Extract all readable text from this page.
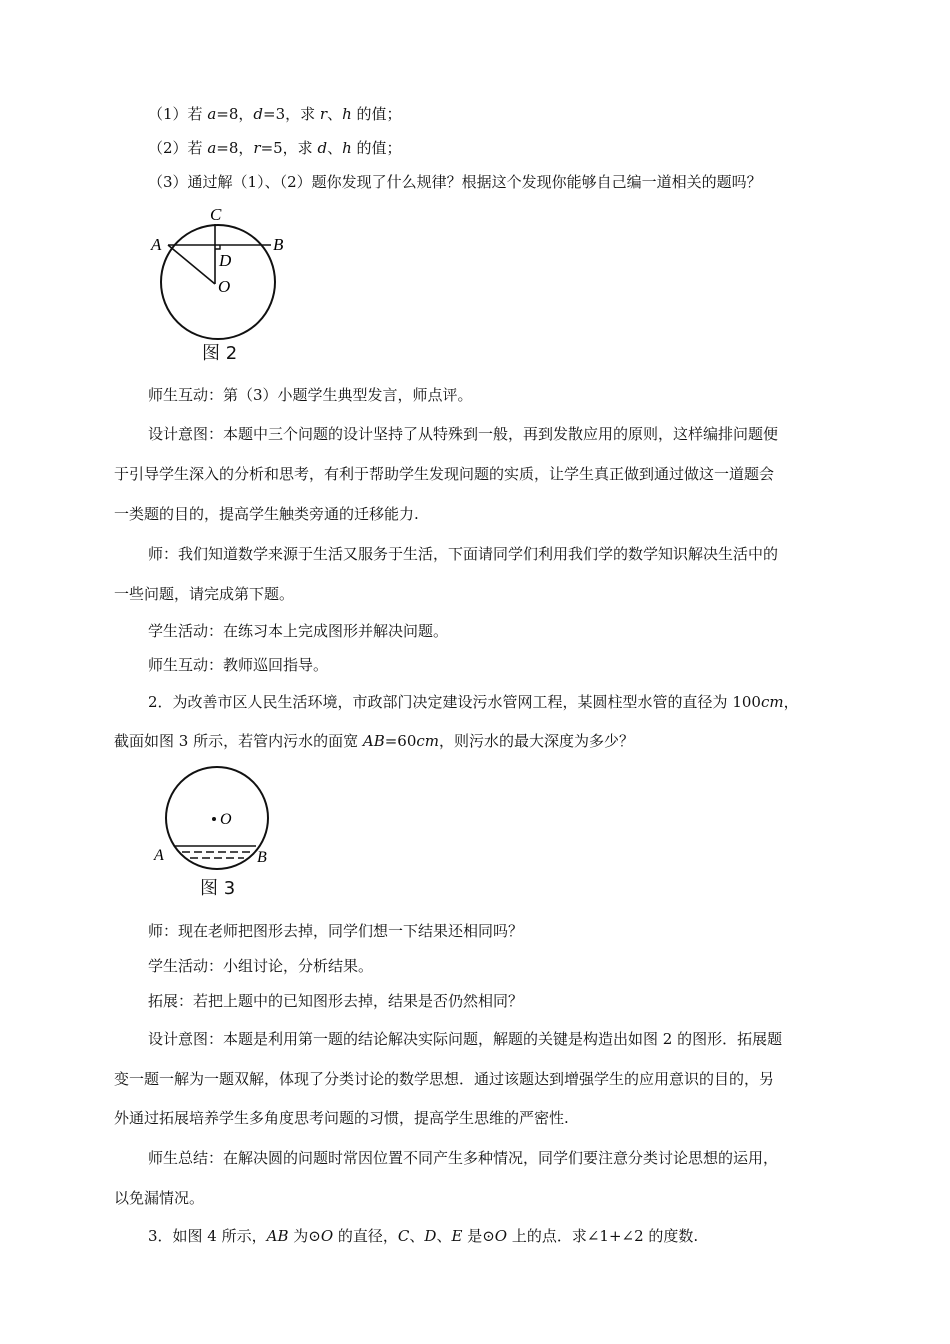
（1）若 a=8，d=3，求 r、h 的值；
（2）若 a=8，r=5，求 d、h 的值；
（3）通过解（1）、（2）题你发现了什么规律？根据这个发现你能够自己编一道相关的题吗？
C
A	B
D
O
图 2
师生互动：第（3）小题学生典型发言，师点评。
设计意图：本题中三个问题的设计坚持了从特殊到一般，再到发散应用的原则，这样编排问题便
于引导学生深入的分析和思考，有利于帮助学生发现问题的实质，让学生真正做到通过做这一道题会
一类题的目的，提高学生触类旁通的迁移能力.
师：我们知道数学来源于生活又服务于生活，下面请同学们利用我们学的数学知识解决生活中的
一些问题，请完成第下题。
学生活动：在练习本上完成图形并解决问题。
师生互动：教师巡回指导。
2．为改善市区人民生活环境，市政部门决定建设污水管网工程，某圆柱型水管的直径为 100cm，
截面如图 3 所示，若管内污水的面宽 AB=60cm，则污水的最大深度为多少？
O
A	B
图 3
师：现在老师把图形去掉，同学们想一下结果还相同吗？
学生活动：小组讨论，分析结果。
拓展：若把上题中的已知图形去掉，结果是否仍然相同？
设计意图：本题是利用第一题的结论解决实际问题，解题的关键是构造出如图 2 的图形．拓展题
变一题一解为一题双解，体现了分类讨论的数学思想．通过该题达到增强学生的应用意识的目的，另
外通过拓展培养学生多角度思考问题的习惯，提高学生思维的严密性.
师生总结：在解决圆的问题时常因位置不同产生多种情况，同学们要注意分类讨论思想的运用，
以免漏情况。
3．如图 4 所示，AB 为⊙O 的直径，C、D、E 是⊙O 上的点．求∠1+∠2 的度数.
